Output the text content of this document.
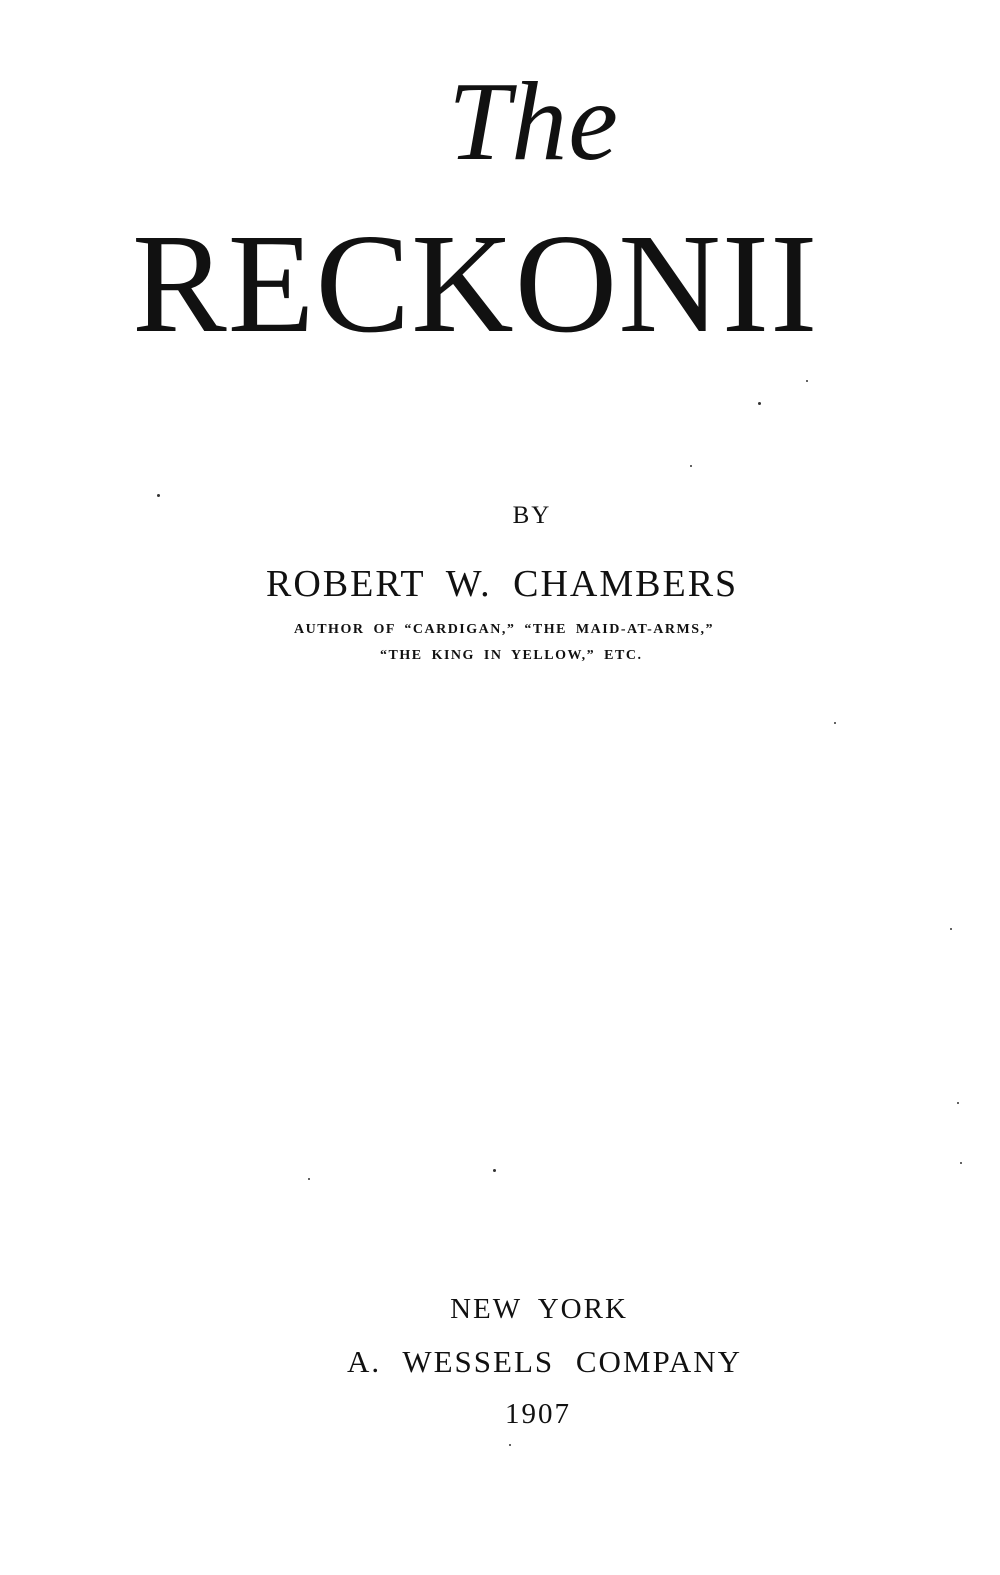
The
RECKONII
BY
ROBERT W. CHAMBERS
AUTHOR OF “CARDIGAN,” “THE MAID-AT-ARMS,”
“THE KING IN YELLOW,” ETC.
NEW YORK
A. WESSELS COMPANY
1907
